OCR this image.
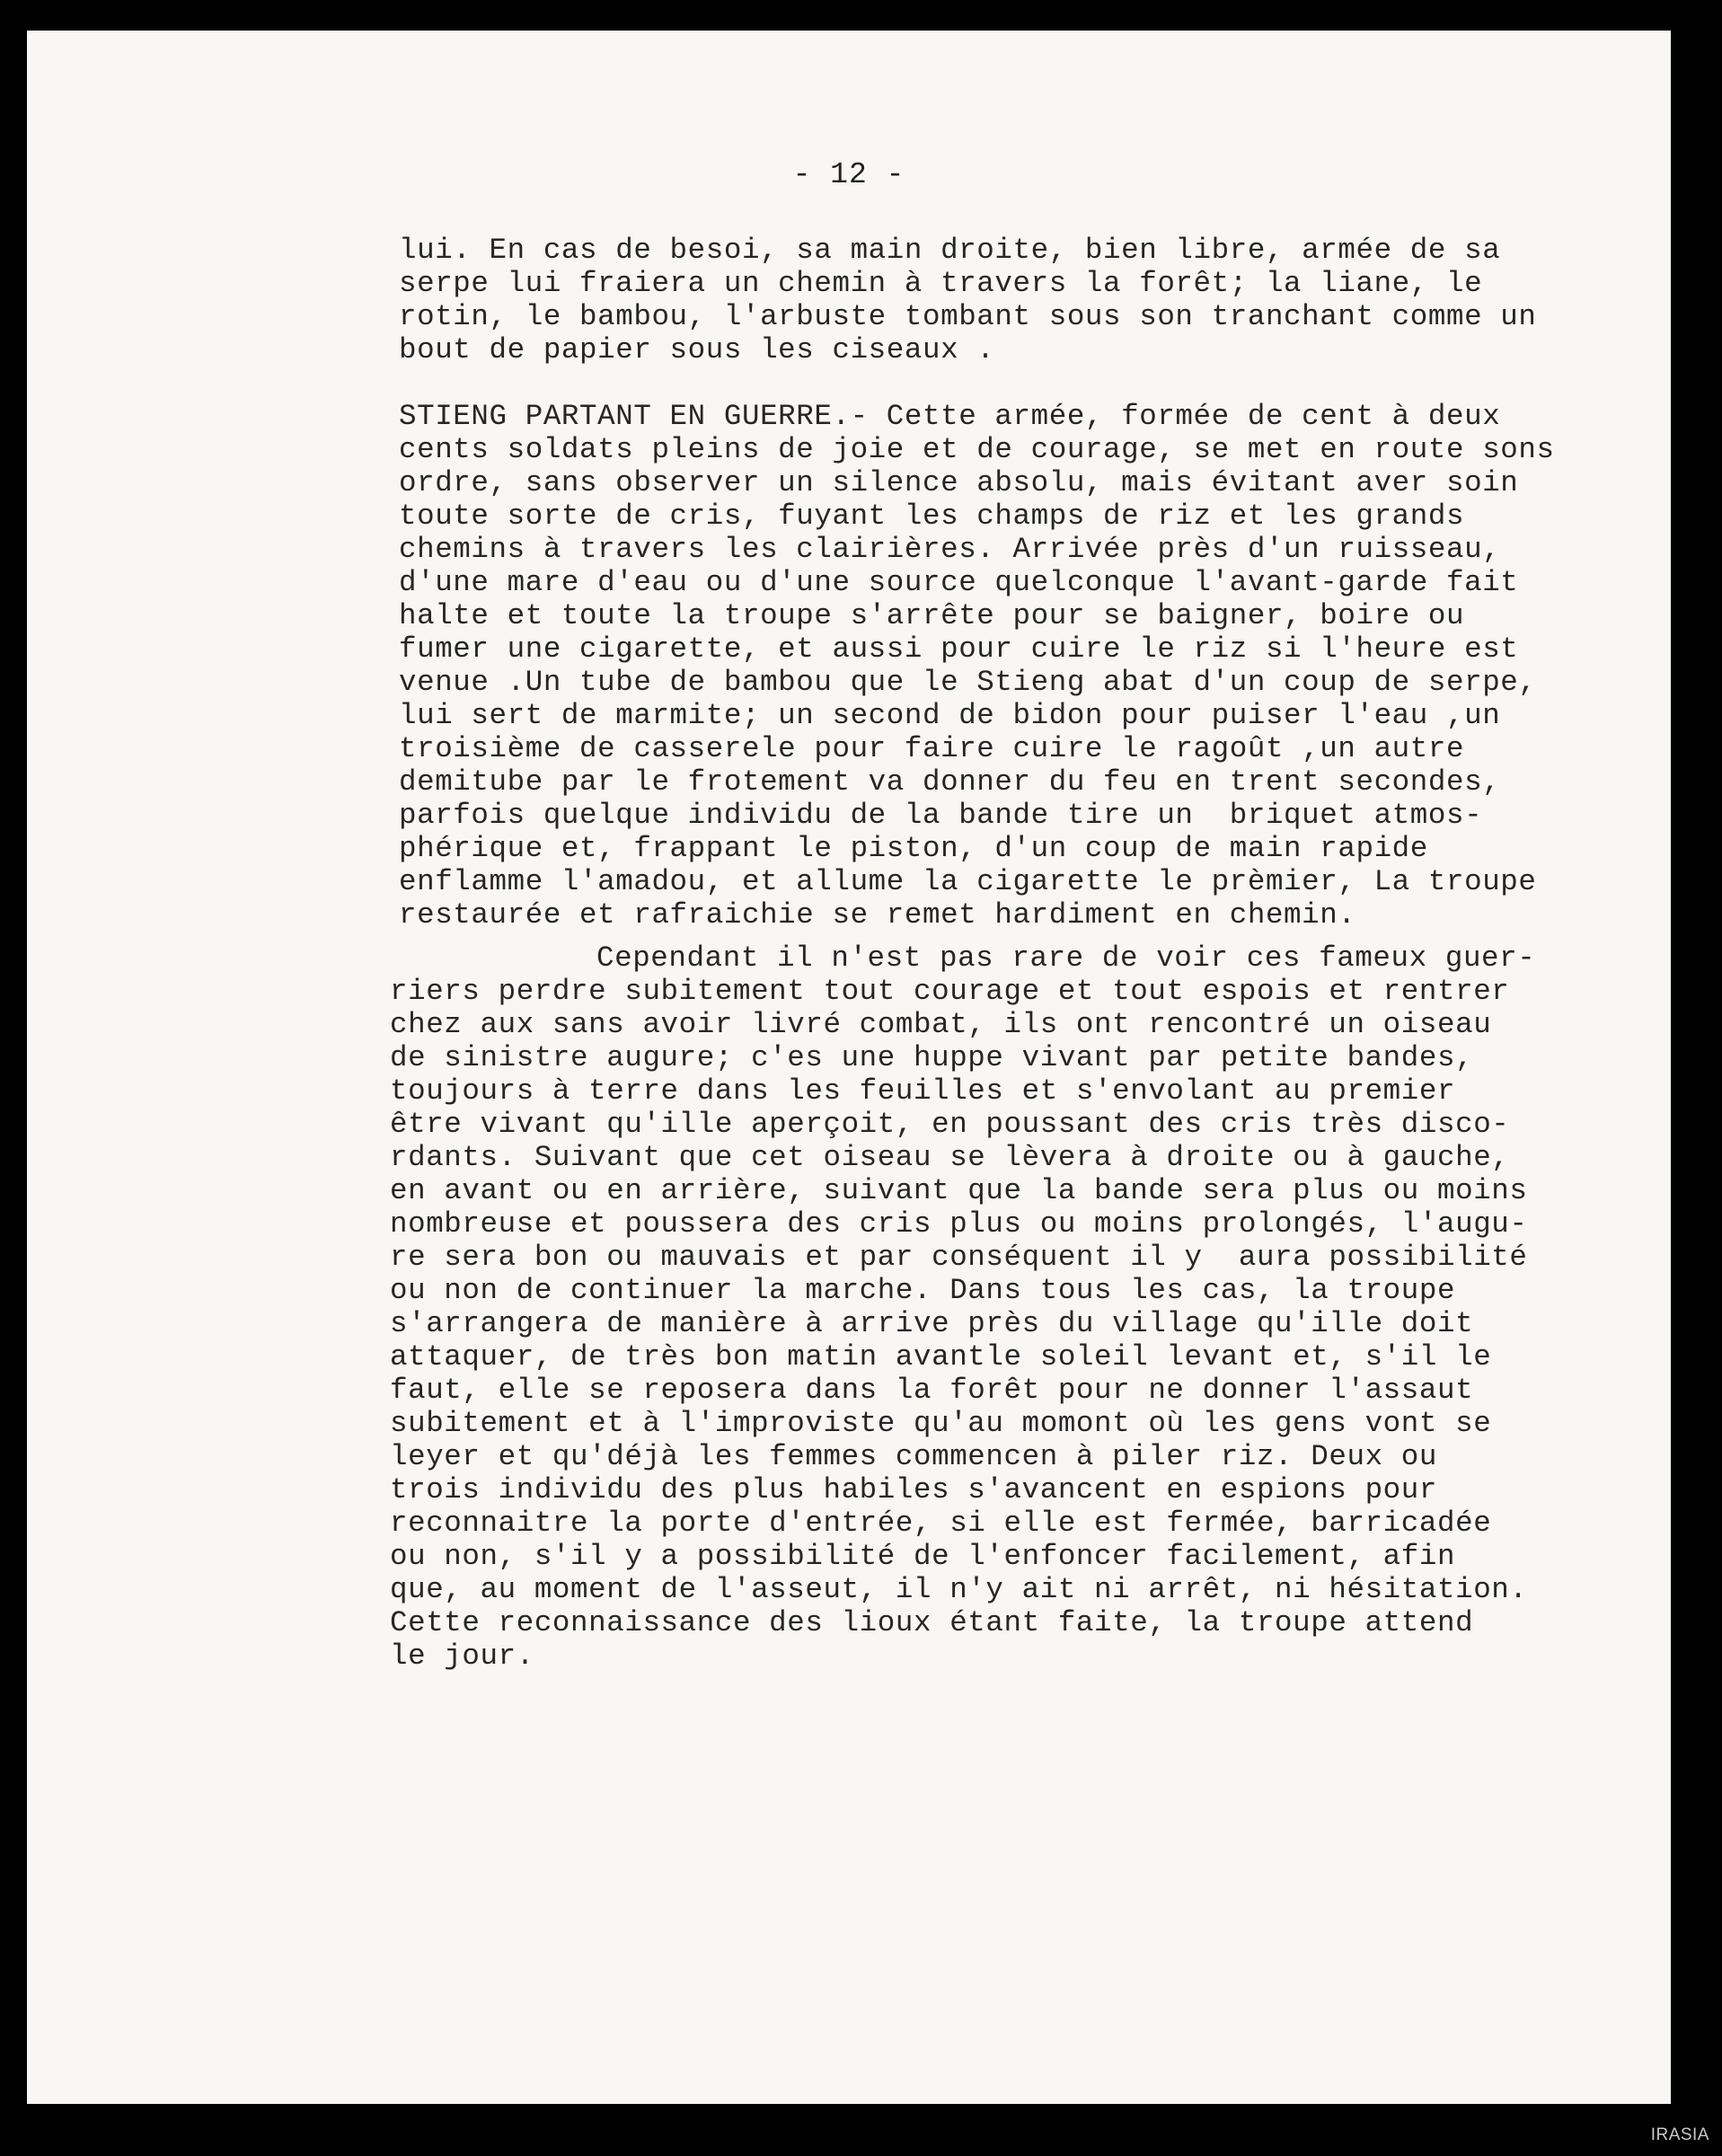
- 12 -
lui. En cas de besoi, sa main droite, bien libre, armée de sa
serpe lui fraiera un chemin à travers la forêt; la liane, le
rotin, le bambou, l'arbuste tombant sous son tranchant comme un
bout de papier sous les ciseaux .
STIENG PARTANT EN GUERRE.- Cette armée, formée de cent à deux
cents soldats pleins de joie et de courage, se met en route sons
ordre, sans observer un silence absolu, mais évitant aver soin
toute sorte de cris, fuyant les champs de riz et les grands
chemins à travers les clairières. Arrivée près d'un ruisseau,
d'une mare d'eau ou d'une source quelconque l'avant-garde fait
halte et toute la troupe s'arrête pour se baigner, boire ou
fumer une cigarette, et aussi pour cuire le riz si l'heure est
venue .Un tube de bambou que le Stieng abat d'un coup de serpe,
lui sert de marmite; un second de bidon pour puiser l'eau ,un
troisième de casserele pour faire cuire le ragoût ,un autre
demitube par le frotement va donner du feu en trent secondes,
parfois quelque individu de la bande tire un  briquet atmos-
phérique et, frappant le piston, d'un coup de main rapide
enflamme l'amadou, et allume la cigarette le prèmier, La troupe
restaurée et rafraichie se remet hardiment en chemin.
Cependant il n'est pas rare de voir ces fameux guer-
riers perdre subitement tout courage et tout espois et rentrer
chez aux sans avoir livré combat, ils ont rencontré un oiseau
de sinistre augure; c'es une huppe vivant par petite bandes,
toujours à terre dans les feuilles et s'envolant au premier
être vivant qu'ille aperçoit, en poussant des cris très disco-
rdants. Suivant que cet oiseau se lèvera à droite ou à gauche,
en avant ou en arrière, suivant que la bande sera plus ou moins
nombreuse et poussera des cris plus ou moins prolongés, l'augu-
re sera bon ou mauvais et par conséquent il y  aura possibilité
ou non de continuer la marche. Dans tous les cas, la troupe
s'arrangera de manière à arrive près du village qu'ille doit
attaquer, de très bon matin avantle soleil levant et, s'il le
faut, elle se reposera dans la forêt pour ne donner l'assaut
subitement et à l'improviste qu'au momont où les gens vont se
leyer et qu'déjà les femmes commencen à piler riz. Deux ou
trois individu des plus habiles s'avancent en espions pour
reconnaitre la porte d'entrée, si elle est fermée, barricadée
ou non, s'il y a possibilité de l'enfoncer facilement, afin
que, au moment de l'asseut, il n'y ait ni arrêt, ni hésitation.
Cette reconnaissance des lioux étant faite, la troupe attend
le jour.
IRASIA
